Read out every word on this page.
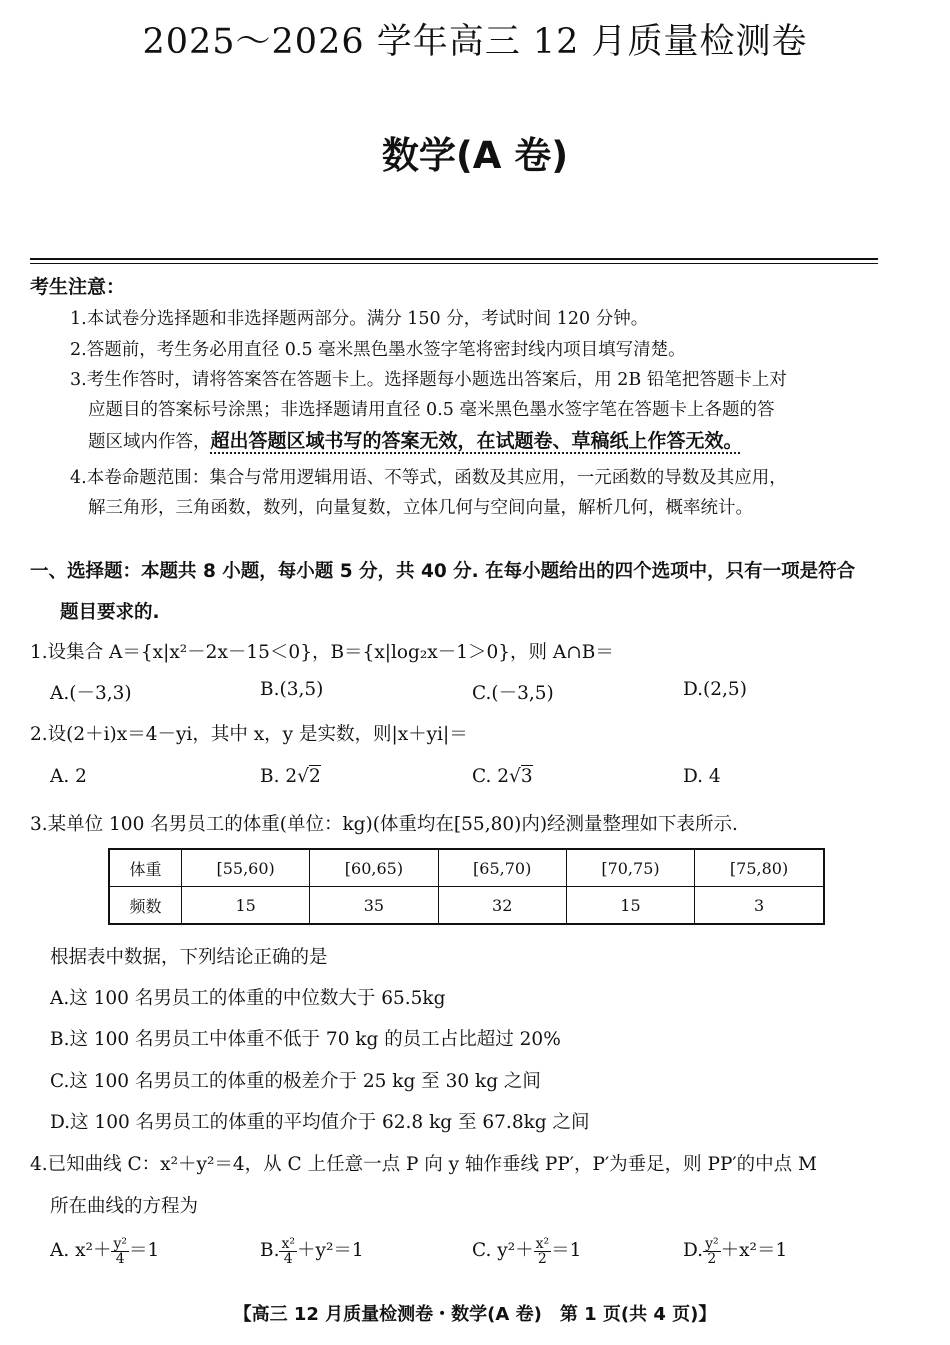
2025～2026 学年高三 12 月质量检测卷
数学(A 卷)
考生注意：
1.本试卷分选择题和非选择题两部分。满分 150 分，考试时间 120 分钟。
2.答题前，考生务必用直径 0.5 毫米黑色墨水签字笔将密封线内项目填写清楚。
3.考生作答时，请将答案答在答题卡上。选择题每小题选出答案后，用 2B 铅笔把答题卡上对
应题目的答案标号涂黑；非选择题请用直径 0.5 毫米黑色墨水签字笔在答题卡上各题的答
题区域内作答，超出答题区域书写的答案无效，在试题卷、草稿纸上作答无效。
4.本卷命题范围：集合与常用逻辑用语、不等式，函数及其应用，一元函数的导数及其应用，
解三角形，三角函数，数列，向量复数，立体几何与空间向量，解析几何，概率统计。
一、选择题：本题共 8 小题，每小题 5 分，共 40 分. 在每小题给出的四个选项中，只有一项是符合
题目要求的.
1.设集合 A＝{x|x²－2x－15＜0}，B＝{x|log₂x－1＞0}，则 A∩B＝
A.(－3,3)	B.(3,5)	C.(－3,5)	D.(2,5)
2.设(2＋i)x＝4－yi，其中 x，y 是实数，则|x＋yi|＝
A. 2	B. 2√2	C. 2√3	D. 4
3.某单位 100 名男员工的体重(单位：kg)(体重均在[55,80)内)经测量整理如下表所示.
体重	[55,60)	[60,65)	[65,70)	[70,75)	[75,80)
频数	15	35	32	15	3
根据表中数据，下列结论正确的是
A.这 100 名男员工的体重的中位数大于 65.5kg
B.这 100 名男员工中体重不低于 70 kg 的员工占比超过 20%
C.这 100 名男员工的体重的极差介于 25 kg 至 30 kg 之间
D.这 100 名男员工的体重的平均值介于 62.8 kg 至 67.8kg 之间
4.已知曲线 C：x²＋y²＝4，从 C 上任意一点 P 向 y 轴作垂线 PP′，P′为垂足，则 PP′的中点 M
所在曲线的方程为
A. $x^2+ \frac{\text{y²}}{4} =1$	B. $\frac{\text{x²}}{4} +y^2=1$	C. $y^2+ \frac{\text{x²}}{2} =1$	D. $\frac{\text{y²}}{2} +x^2=1$
【高三 12 月质量检测卷・数学(A 卷)　第 1 页(共 4 页)】
